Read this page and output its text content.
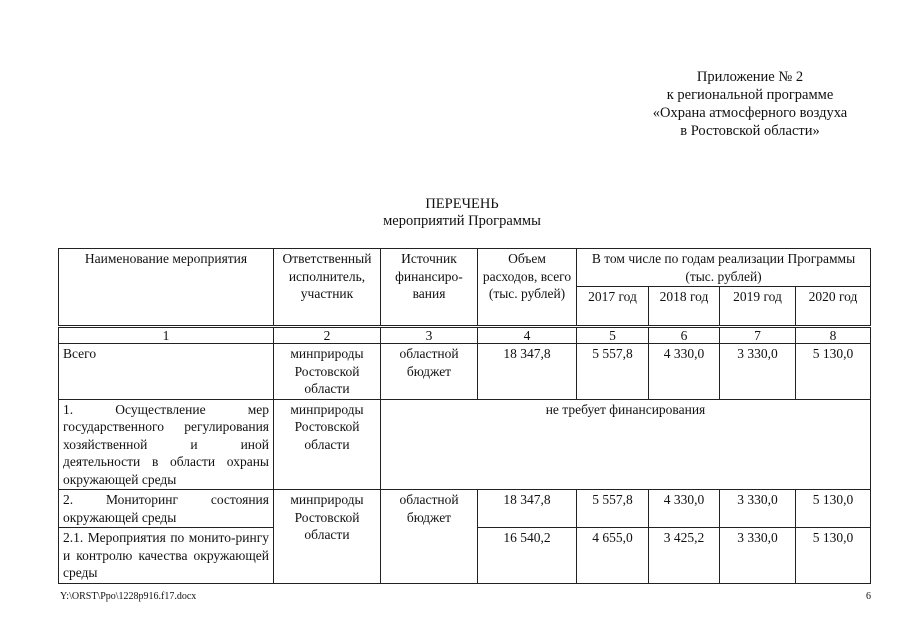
Приложение № 2
к региональной программе
«Охрана атмосферного воздуха
в Ростовской области»
ПЕРЕЧЕНЬ
мероприятий Программы
Наименование мероприятия	Ответственный исполнитель, участник	Источник финансиро-вания	Объем расходов, всего (тыс. рублей)	В том числе по годам реализации Программы (тыс. рублей)			
				2017 год	2018 год	2019 год	2020 год
1	2	3	4	5	6	7	8
Всего	минприроды Ростовской области	областной бюджет	18 347,8	5 557,8	4 330,0	3 330,0	5 130,0
1. Осуществление мер государственного регулирования хозяйственной и иной деятельности в области охраны окружающей среды	минприроды Ростовской области	не требует финансирования					
2. Мониторинг состояния окружающей среды	минприроды Ростовской области	областной бюджет	18 347,8	5 557,8	4 330,0	3 330,0	5 130,0
2.1. Мероприятия по монито-рингу и контролю качества окружающей среды			16 540,2	4 655,0	3 425,2	3 330,0	5 130,0
Y:\ORST\Ppo\1228p916.f17.docx	6
